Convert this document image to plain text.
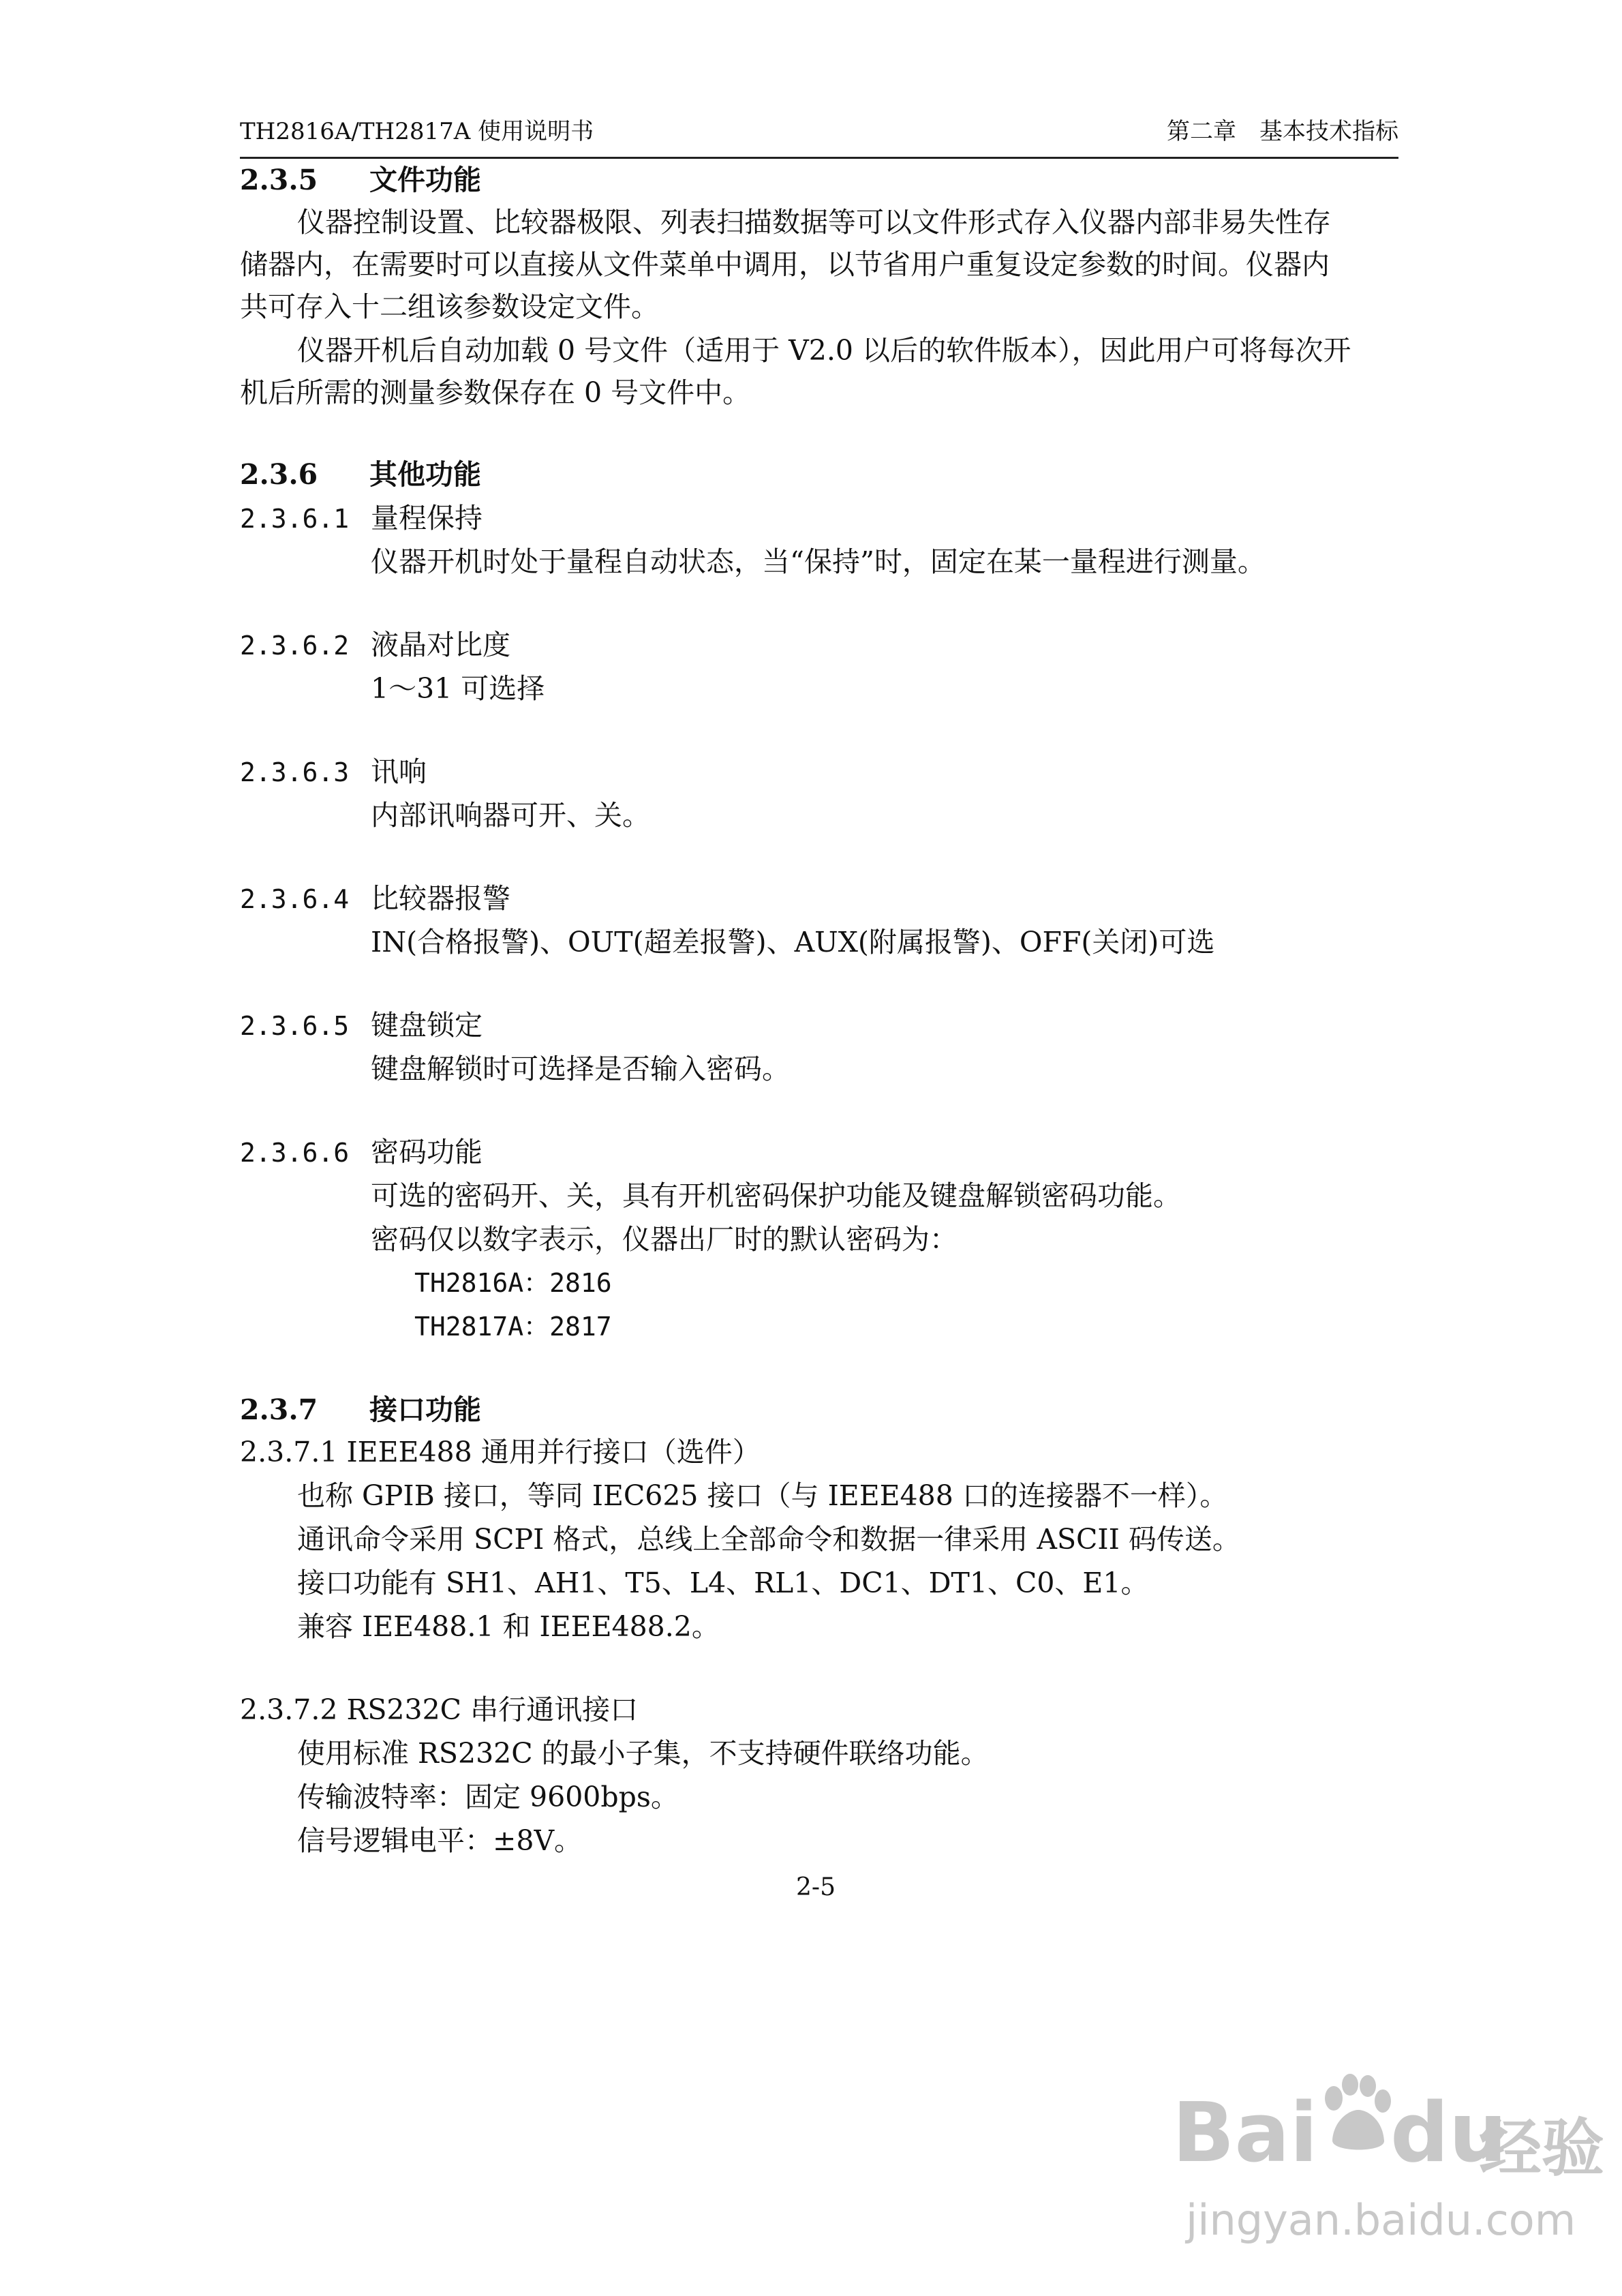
TH2816A/TH2817A 使用说明书	第二章　基本技术指标
2.3.5 文件功能
仪器控制设置、比较器极限、列表扫描数据等可以文件形式存入仪器内部非易失性存
储器内，在需要时可以直接从文件菜单中调用，以节省用户重复设定参数的时间。仪器内
共可存入十二组该参数设定文件。
仪器开机后自动加载 0 号文件（适用于 V2.0 以后的软件版本），因此用户可将每次开
机后所需的测量参数保存在 0 号文件中。
2.3.6 其他功能
2.3.6.1 量程保持
仪器开机时处于量程自动状态，当“保持”时，固定在某一量程进行测量。
2.3.6.2 液晶对比度
1～31 可选择
2.3.6.3 讯响
内部讯响器可开、关。
2.3.6.4 比较器报警
IN(合格报警)、OUT(超差报警)、AUX(附属报警)、OFF(关闭)可选
2.3.6.5 键盘锁定
键盘解锁时可选择是否输入密码。
2.3.6.6 密码功能
可选的密码开、关，具有开机密码保护功能及键盘解锁密码功能。
密码仅以数字表示，仪器出厂时的默认密码为：
TH2816A：2816
TH2817A：2817
2.3.7 接口功能
2.3.7.1 IEEE488 通用并行接口（选件）
也称 GPIB 接口，等同 IEC625 接口（与 IEEE488 口的连接器不一样）。
通讯命令采用 SCPI 格式，总线上全部命令和数据一律采用 ASCII 码传送。
接口功能有 SH1、AH1、T5、L4、RL1、DC1、DT1、C0、E1。
兼容 IEE488.1 和 IEEE488.2。
2.3.7.2 RS232C 串行通讯接口
使用标准 RS232C 的最小子集，不支持硬件联络功能。
传输波特率：固定 9600bps。
信号逻辑电平：±8V。
2-5
Bai du
经验
jingyan.baidu.com
